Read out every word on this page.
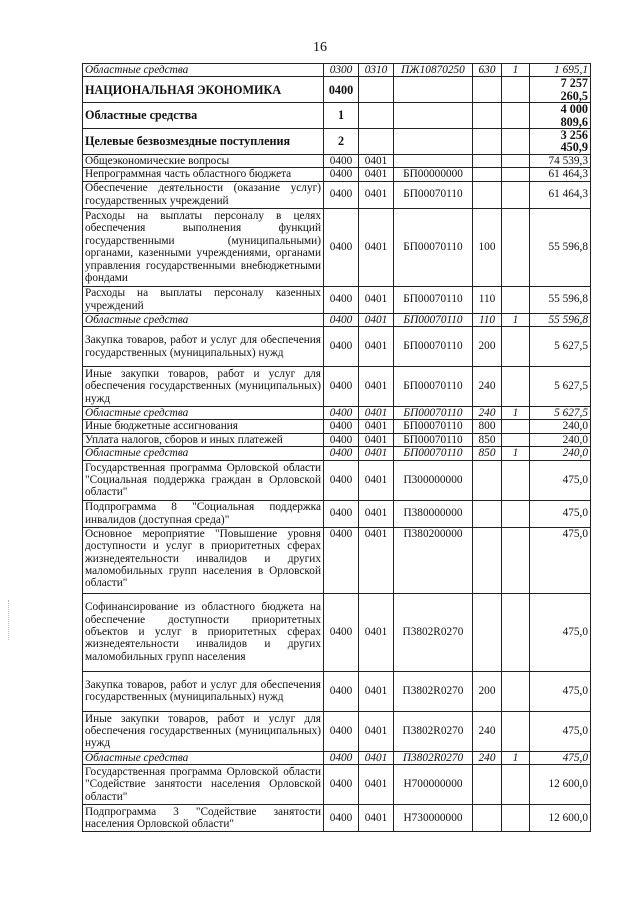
16
Областные средства	0300	0310	ПЖ10870250	630	1	1 695,1
НАЦИОНАЛЬНАЯ ЭКОНОМИКА	0400					7 257 260,5
Областные средства	1					4 000 809,6
Целевые безвозмездные поступления	2					3 256 450,9
Общеэкономические вопросы	0400	0401				74 539,3
Непрограммная часть областного бюджета	0400	0401	БП00000000			61 464,3
Обеспечение деятельности (оказание услуг) государственных учреждений	0400	0401	БП00070110			61 464,3
Расходы на выплаты персоналу в целях обеспечения выполнения функций государственными (муниципальными) органами, казенными учреждениями, органами управления государственными внебюджетными фондами	0400	0401	БП00070110	100		55 596,8
Расходы на выплаты персоналу казенных учреждений	0400	0401	БП00070110	110		55 596,8
Областные средства	0400	0401	БП00070110	110	1	55 596,8
Закупка товаров, работ и услуг для обеспечения государственных (муниципальных) нужд	0400	0401	БП00070110	200		5 627,5
Иные закупки товаров, работ и услуг для обеспечения государственных (муниципальных) нужд	0400	0401	БП00070110	240		5 627,5
Областные средства	0400	0401	БП00070110	240	1	5 627,5
Иные бюджетные ассигнования	0400	0401	БП00070110	800		240,0
Уплата налогов, сборов и иных платежей	0400	0401	БП00070110	850		240,0
Областные средства	0400	0401	БП00070110	850	1	240,0
Государственная программа Орловской области "Социальная поддержка граждан в Орловской области"	0400	0401	П300000000			475,0
Подпрограмма 8 "Социальная поддержка инвалидов (доступная среда)"	0400	0401	П380000000			475,0
Основное мероприятие "Повышение уровня доступности и услуг в приоритетных сферах жизнедеятельности инвалидов и других маломобильных групп населения в Орловской области"	0400	0401	П380200000			475,0
Софинансирование из областного бюджета на обеспечение доступности приоритетных объектов и услуг в приоритетных сферах жизнедеятельности инвалидов и других маломобильных групп населения	0400	0401	П3802R0270			475,0
Закупка товаров, работ и услуг для обеспечения государственных (муниципальных) нужд	0400	0401	П3802R0270	200		475,0
Иные закупки товаров, работ и услуг для обеспечения государственных (муниципальных) нужд	0400	0401	П3802R0270	240		475,0
Областные средства	0400	0401	П3802R0270	240	1	475,0
Государственная программа Орловской области "Содействие занятости населения Орловской области"	0400	0401	Н700000000			12 600,0
Подпрограмма 3 "Содействие занятости населения Орловской области"	0400	0401	Н730000000			12 600,0
